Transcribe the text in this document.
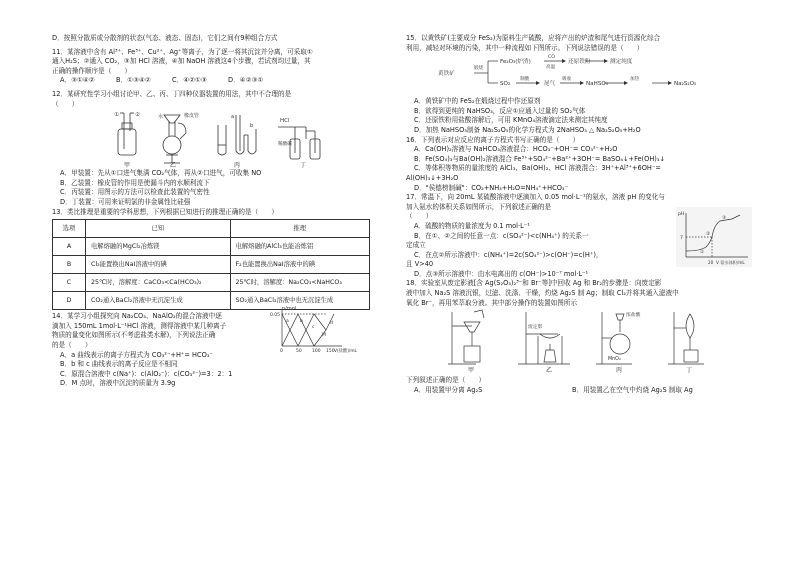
D．按照分散质或分散剂的状态(气态、液态、固态)，它们之间有9种组合方式

11．某溶液中含有 Al³⁺、Fe³⁺、Cu²⁺、Ag⁺等离子，为了逐一将其沉淀并分离，可采取①

通入H₂S；②通入 CO₂，③加 HCl 溶液，④加 NaOH 溶液这4个步骤，若试剂均过量，其

正确的操作顺序是（　　）

A．③①④②	B．①③④②	C．④②①③	D．④②③①

12．某研究性学习小组讨论甲、乙、丙、丁四种仪器装置的用法，其中不合理的是

（　　）

①	②	橡皮管
水	a
b
HCl
稀酸碱
甲	乙	丙	丁

A．甲装置：先从①口进气集满 CO₂气体，再从②口进气，可收集 NO

B．乙装置：橡皮管的作用是使漏斗内的水顺利流下

C．丙装置：用图示的方法可以检查此装置的气密性

D．丁装置：可用来证明氯的非金属性比硅强

13．类比推理是重要的学科思想，下列根据已知进行的推理正确的是（　　）

选项	已知	推理
A	电解熔融的MgCl₂冶炼镁	电解熔融的AlCl₃也能冶炼铝
B	Cl₂能置换出NaI溶液中的碘	F₂也能置换出NaI溶液中的碘
C	25℃时，溶解度：CaCO₃<Ca(HCO₃)₂	25℃时，溶解度：Na₂CO₃<NaHCO₃
D	CO₂通入BaCl₂溶液中无沉淀生成	SO₂通入BaCl₂溶液中也无沉淀生成

14．某学习小组探究向 Na₂CO₃、NaAlO₂的混合溶液中逐

滴加入 150mL 1mol·L⁻¹HCl 溶液，测得溶液中某几种离子

物质的量变化如图所示(不考虑盐类水解)，下列说法正确

的是（　　）

A．a 曲线表示的离子方程式为 CO₃²⁻+H⁺= HCO₃⁻

B．b 和 c 曲线表示的离子反应是不相同

C．原混合溶液中 c(Na⁺)：c(AlO₂⁻)：c(CO₃²⁻)=3：2：1

D．M 点时，溶液中沉淀的质量为 3.9g

n/mol
0.05
0	50 100 150 V(盐酸)/mL
a b
c
d
M

15．以黄铁矿(主要成分 FeS₂)为原料生产硫酸，应将产出的炉渣和尾气进行资源化综合

利用，减轻对环境的污染，其中一种流程如下图所示。下列说法错误的是（　　）

黄铁矿
煅烧
Fe₂O₃(炉渣)
CO
高温
还原铁粉	测定纯度
SO₂
制酸
尾气
吸收
NaHSO₃
加热
Na₂S₂O₅

A．黄铁矿中的 FeS₂在煅烧过程中作还原剂

B．欲得到更纯的 NaHSO₃，反应①应通入过量的 SO₂气体

C．还原铁粉用盐酸溶解后，可用 KMnO₄溶液滴定法来测定其纯度

D．加热 NaHSO₃制备 Na₂S₂O₅的化学方程式为 2NaHSO₃ △ Na₂S₂O₅+H₂O

16．下列表示对应反应的离子方程式书写正确的是（　　）

A．Ca(OH)₂溶液与 NaHCO₃溶液混合：HCO₃⁻+OH⁻= CO₃²⁻+H₂O

B．Fe(SO₄)₃与Ba(OH)₂溶液混合 Fe³⁺+SO₄²⁻+Ba²⁺+3OH⁻= BaSO₄↓+Fe(OH)₃↓

C．等体积等物质的量浓度的 AlCl₃、Ba(OH)₂、HCl 溶液混合：3H⁺+Al³⁺+6OH⁻=

Al(OH)₃↓+3H₂O

D．"侯德榜制碱"：CO₂+NH₃+H₂O=NH₄⁺+HCO₃⁻

17．常温下，向 20mL 某硫酸溶液中逐滴加入 0.05 mol·L⁻¹的氨水，溶液 pH 的变化与

加入氨水的体积关系如图所示，下列叙述正确的是

（　　）

A．硫酸的物质的量浓度为 0.1 mol·L⁻¹

B．在①、②之间的任意一点：c(SO₄²⁻)<c(NH₄⁺) 的关系一

定成立

C．在点②所示溶液中：c(NH₄⁺)=2c(SO₄²⁻)>c(OH⁻)=c(H⁺)，

且 V>40

D．点③所示溶液中：由水电离出的 c(OH⁻)>10⁻⁷ mol·L⁻¹

pH
7
①
②
③
20 V 氨水体积/mL

18．实验室从废定影液[含 Ag(S₂O₃)₂³⁻和 Br⁻等]中回收 Ag 和 Br₂的步骤是：向废定影

液中加入 Na₂S 溶液沉银，过滤、洗涤、干燥，灼烧 Ag₂S 制 Ag；制取 Cl₂并将其通入滤液中

氧化 Br⁻，再用苯萃取分液。其中部分操作的装置如图所示

废定影
浓盐酸
MnO₂
甲	乙	丙	丁

下列叙述正确的是（　　）

A．用装置甲分离 Ag₂S	B．用装置乙在空气中灼烧 Ag₂S 制取 Ag
